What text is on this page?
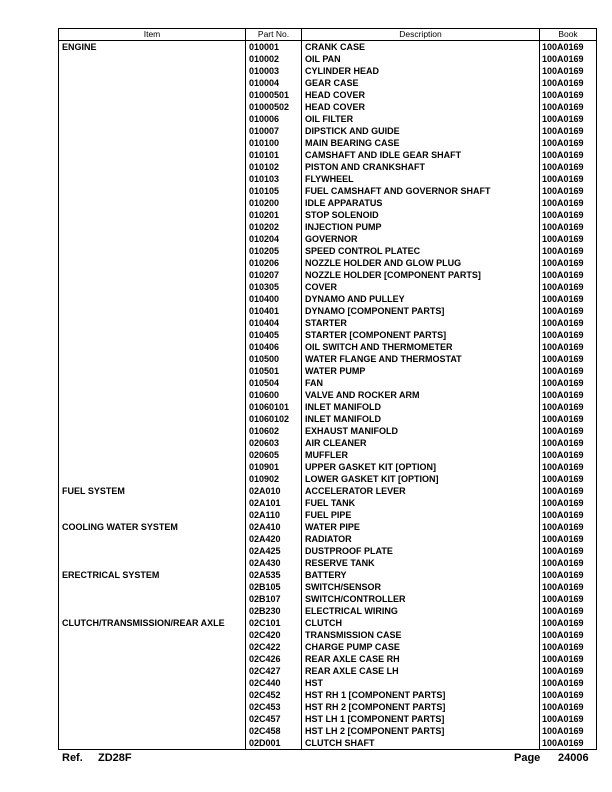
Item	Part No.	Description	Book
ENGINE	010001	CRANK CASE	100A0169
	010002	OIL PAN	100A0169
	010003	CYLINDER HEAD	100A0169
	010004	GEAR CASE	100A0169
	01000501	HEAD COVER	100A0169
	01000502	HEAD COVER	100A0169
	010006	OIL FILTER	100A0169
	010007	DIPSTICK AND GUIDE	100A0169
	010100	MAIN BEARING CASE	100A0169
	010101	CAMSHAFT AND IDLE GEAR SHAFT	100A0169
	010102	PISTON AND CRANKSHAFT	100A0169
	010103	FLYWHEEL	100A0169
	010105	FUEL CAMSHAFT AND GOVERNOR SHAFT	100A0169
	010200	IDLE APPARATUS	100A0169
	010201	STOP SOLENOID	100A0169
	010202	INJECTION PUMP	100A0169
	010204	GOVERNOR	100A0169
	010205	SPEED CONTROL PLATEC	100A0169
	010206	NOZZLE HOLDER AND GLOW PLUG	100A0169
	010207	NOZZLE HOLDER [COMPONENT PARTS]	100A0169
	010305	COVER	100A0169
	010400	DYNAMO AND PULLEY	100A0169
	010401	DYNAMO [COMPONENT PARTS]	100A0169
	010404	STARTER	100A0169
	010405	STARTER [COMPONENT PARTS]	100A0169
	010406	OIL SWITCH AND THERMOMETER	100A0169
	010500	WATER FLANGE AND THERMOSTAT	100A0169
	010501	WATER PUMP	100A0169
	010504	FAN	100A0169
	010600	VALVE AND ROCKER ARM	100A0169
	01060101	INLET MANIFOLD	100A0169
	01060102	INLET MANIFOLD	100A0169
	010602	EXHAUST MANIFOLD	100A0169
	020603	AIR CLEANER	100A0169
	020605	MUFFLER	100A0169
	010901	UPPER GASKET KIT [OPTION]	100A0169
	010902	LOWER GASKET KIT [OPTION]	100A0169
FUEL SYSTEM	02A010	ACCELERATOR LEVER	100A0169
	02A101	FUEL TANK	100A0169
	02A110	FUEL PIPE	100A0169
COOLING WATER SYSTEM	02A410	WATER PIPE	100A0169
	02A420	RADIATOR	100A0169
	02A425	DUSTPROOF PLATE	100A0169
	02A430	RESERVE TANK	100A0169
ERECTRICAL SYSTEM	02A535	BATTERY	100A0169
	02B105	SWITCH/SENSOR	100A0169
	02B107	SWITCH/CONTROLLER	100A0169
	02B230	ELECTRICAL WIRING	100A0169
CLUTCH/TRANSMISSION/REAR AXLE	02C101	CLUTCH	100A0169
	02C420	TRANSMISSION CASE	100A0169
	02C422	CHARGE PUMP CASE	100A0169
	02C426	REAR AXLE CASE RH	100A0169
	02C427	REAR AXLE CASE LH	100A0169
	02C440	HST	100A0169
	02C452	HST RH 1 [COMPONENT PARTS]	100A0169
	02C453	HST RH 2 [COMPONENT PARTS]	100A0169
	02C457	HST LH 1 [COMPONENT PARTS]	100A0169
	02C458	HST LH 2 [COMPONENT PARTS]	100A0169
	02D001	CLUTCH SHAFT	100A0169
Ref. ZD28F	Page 24006
